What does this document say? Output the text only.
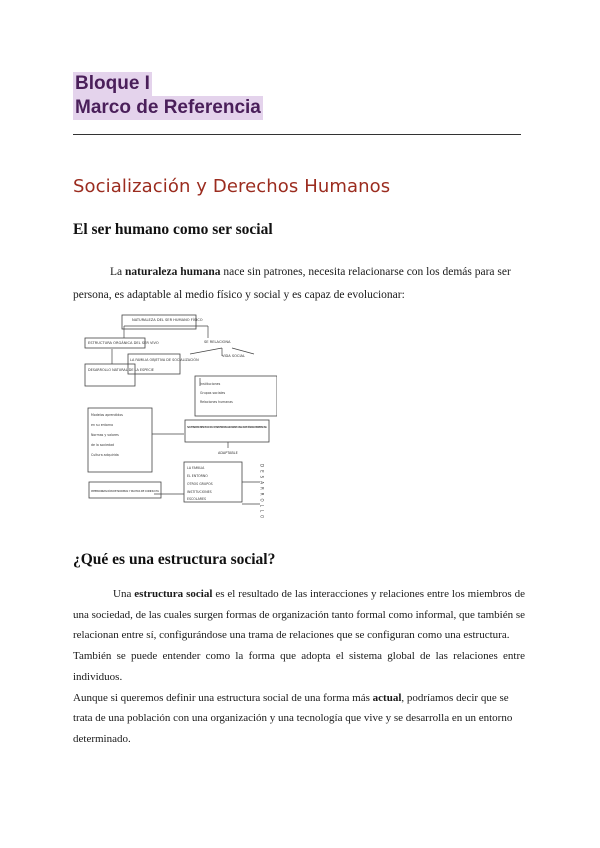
Bloque I
Marco de Referencia
Socialización y Derechos Humanos
El ser humano como ser social
La naturaleza humana nace sin patrones, necesita relacionarse con los demás para ser
persona, es adaptable al medio físico y social y es capaz de evolucionar:
NATURALEZA DEL SER HUMANO FÍSICO
ESTRUCTURA ORGÁNICA DEL SER VIVO
DESARROLLO NATURAL DE LA ESPECIE
LA FAMILIA OBJETIVA DE SOCIALIZACIÓN
SE RELACIONA
VIDA SOCIAL
Instituciones
Grupos sociales
Relaciones humanas
Modelos aprendidos
en su entorno
Normas y valores
de la sociedad
Cultura adquirida
NACE SIN PATRONES DE CONDUCTA, NECESITA RELACIONARSE CON LOS DEMÁS PARA SER PERSONA
ADAPTABLE
INTERIORIZACIÓN DE NORMAS Y PAUTAS DE CONDUCTA
LA FAMILIA
EL ENTORNO
OTROS GRUPOS
INSTITUCIONES
ESCOLARES	DESARROLLO
¿Qué es una estructura social?
Una estructura social es el resultado de las interacciones y relaciones entre los miembros de una sociedad, de las cuales surgen formas de organización tanto formal como informal, que también se relacionan entre sí, configurándose una trama de relaciones que se configuran como una estructura.
También se puede entender como la forma que adopta el sistema global de las relaciones entre individuos.
Aunque si queremos definir una estructura social de una forma más actual, podríamos decir que se trata de una población con una organización y una tecnología que vive y se desarrolla en un entorno determinado.
